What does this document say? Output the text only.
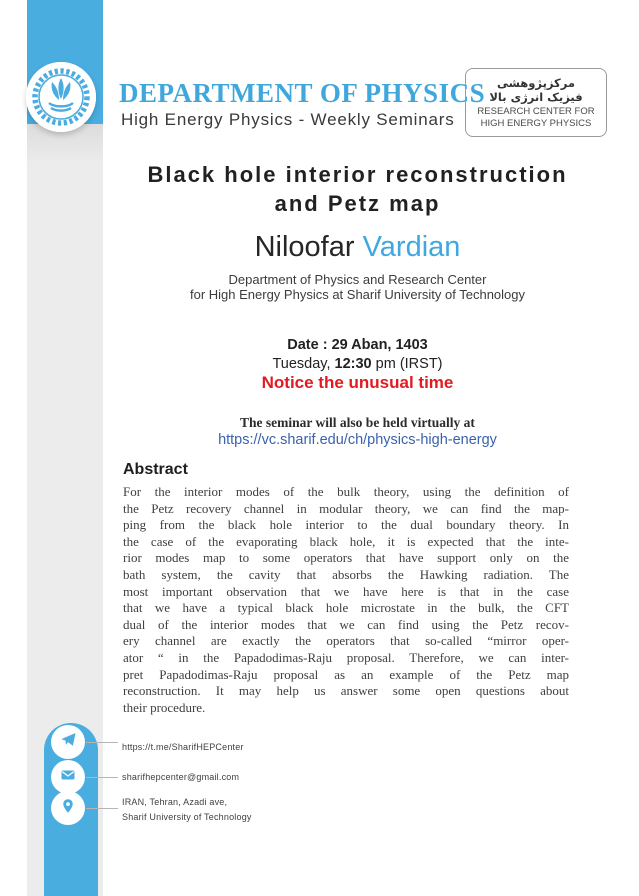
DEPARTMENT OF PHYSICS
High Energy Physics - Weekly Seminars
مرکزپژوهشی
فیزیک انرژی بالا
RESEARCH CENTER FOR
HIGH ENERGY PHYSICS
Black hole interior reconstruction
and Petz map
Niloofar Vardian
Department of Physics and Research Center
for High Energy Physics at Sharif University of Technology
Date : 29 Aban, 1403
Tuesday, 12:30 pm (IRST)
Notice the unusual time
The seminar will also be held virtually at
https://vc.sharif.edu/ch/physics-high-energy
Abstract
For the interior modes of the bulk theory, using the definition of
the Petz recovery channel in modular theory, we can find the map-
ping from the black hole interior to the dual boundary theory. In
the case of the evaporating black hole, it is expected that the inte-
rior modes map to some operators that have support only on the
bath system, the cavity that absorbs the Hawking radiation. The
most important observation that we have here is that in the case
that we have a typical black hole microstate in the bulk, the CFT
dual of the interior modes that we can find using the Petz recov-
ery channel are exactly the operators that so-called “mirror oper-
ator “ in the Papadodimas-Raju proposal. Therefore, we can inter-
pret Papadodimas-Raju proposal as an example of the Petz map
reconstruction. It may help us answer some open questions about
their procedure.
https://t.me/SharifHEPCenter
sharifhepcenter@gmail.com
IRAN, Tehran, Azadi ave,
Sharif University of Technology
